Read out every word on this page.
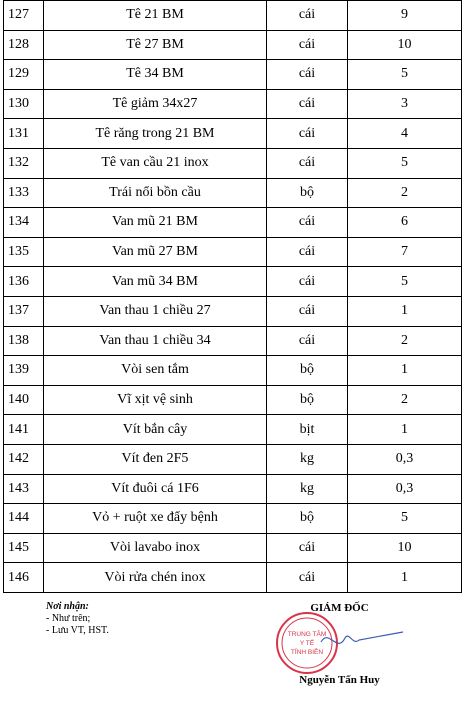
127	Tê 21 BM	cái	9
128	Tê 27 BM	cái	10
129	Tê 34 BM	cái	5
130	Tê giảm 34x27	cái	3
131	Tê răng trong 21 BM	cái	4
132	Tê van cầu 21 inox	cái	5
133	Trái nổi bồn cầu	bộ	2
134	Van mũ 21 BM	cái	6
135	Van mũ 27 BM	cái	7
136	Van mũ 34 BM	cái	5
137	Van thau 1 chiều 27	cái	1
138	Van thau 1 chiều 34	cái	2
139	Vòi sen tắm	bộ	1
140	Vĩ xịt vệ sinh	bộ	2
141	Vít bắn cây	bịt	1
142	Vít đen 2F5	kg	0,3
143	Vít đuôi cá 1F6	kg	0,3
144	Vỏ + ruột xe đẩy bệnh	bộ	5
145	Vòi lavabo inox	cái	10
146	Vòi rửa chén inox	cái	1
Nơi nhận:
- Như trên;
- Lưu VT, HST.
GIÁM ĐỐC
TRUNG TÂM
Y TẾ
TỈNH BIÊN
Nguyễn Tấn Huy
